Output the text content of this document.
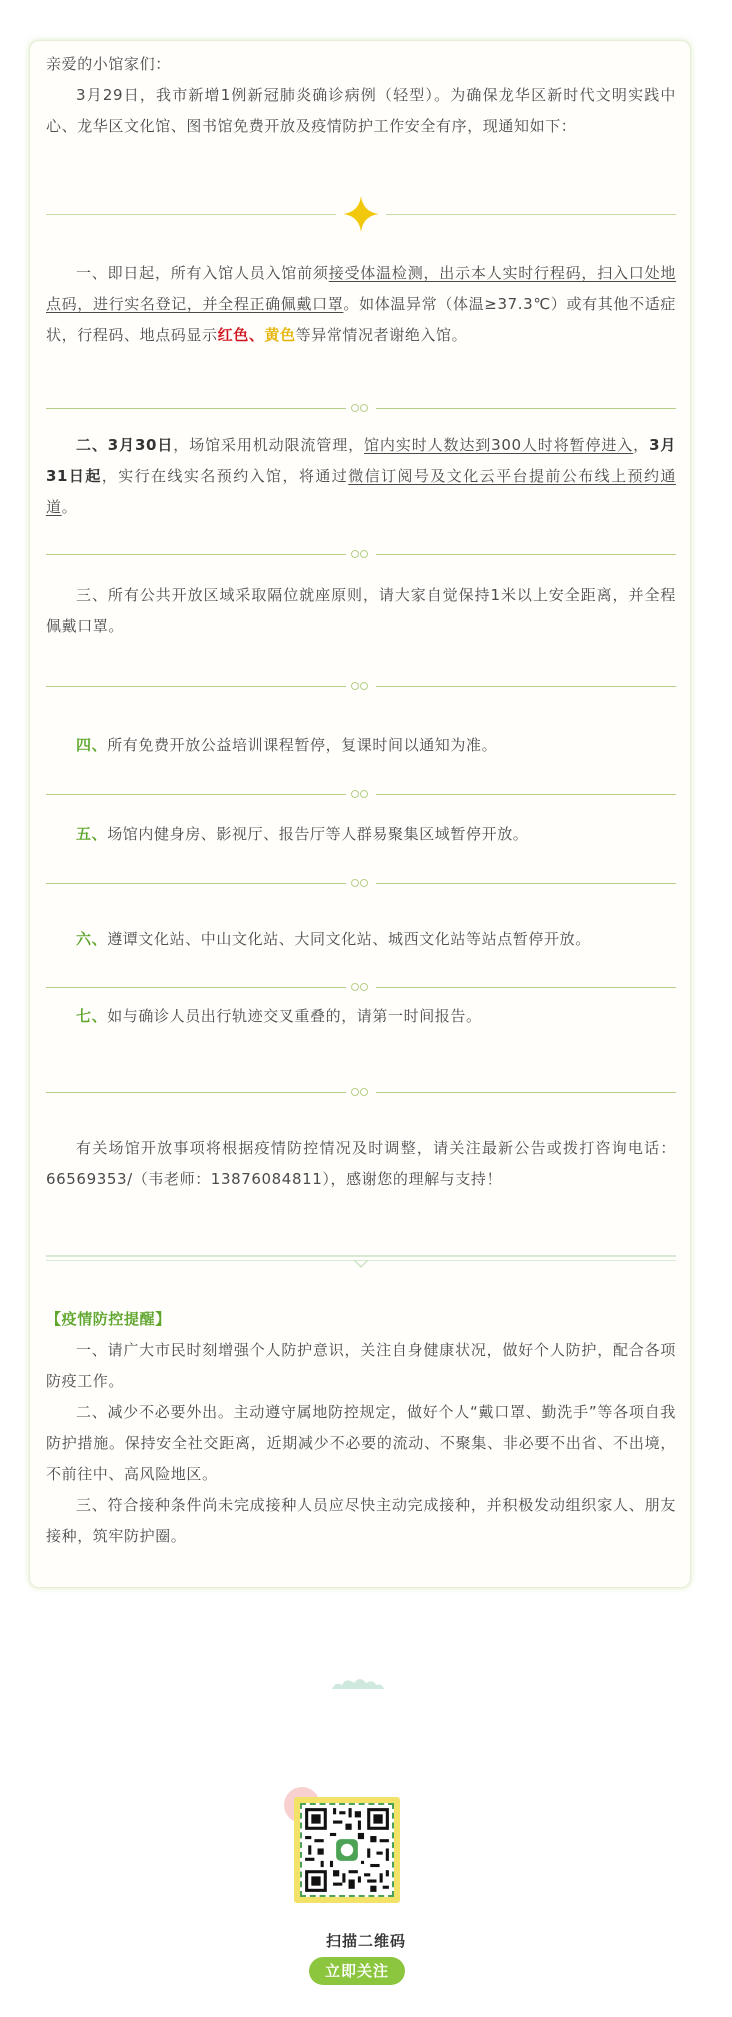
亲爱的小馆家们：

3月29日，我市新增1例新冠肺炎确诊病例（轻型）。为确保龙华区新时代文明实践中心、龙华区文化馆、图书馆免费开放及疫情防护工作安全有序，现通知如下：

一、即日起，所有入馆人员入馆前须接受体温检测，出示本人实时行程码，扫入口处地点码，进行实名登记，并全程正确佩戴口罩。如体温异常（体温≥37.3℃）或有其他不适症状，行程码、地点码显示红色、黄色等异常情况者谢绝入馆。

二、3月30日，场馆采用机动限流管理，馆内实时人数达到300人时将暂停进入，3月31日起，实行在线实名预约入馆，将通过微信订阅号及文化云平台提前公布线上预约通道。

三、所有公共开放区域采取隔位就座原则，请大家自觉保持1米以上安全距离，并全程佩戴口罩。

四、所有免费开放公益培训课程暂停，复课时间以通知为准。

五、场馆内健身房、影视厅、报告厅等人群易聚集区域暂停开放。

六、遵谭文化站、中山文化站、大同文化站、城西文化站等站点暂停开放。

七、如与确诊人员出行轨迹交叉重叠的，请第一时间报告。

有关场馆开放事项将根据疫情防控情况及时调整，请关注最新公告或拨打咨询电话：66569353/（韦老师：13876084811），感谢您的理解与支持！

【疫情防控提醒】

一、请广大市民时刻增强个人防护意识，关注自身健康状况，做好个人防护，配合各项防疫工作。

二、减少不必要外出。主动遵守属地防控规定，做好个人“戴口罩、勤洗手”等各项自我防护措施。保持安全社交距离，近期减少不必要的流动、不聚集、非必要不出省、不出境，不前往中、高风险地区。

三、符合接种条件尚未完成接种人员应尽快主动完成接种，并积极发动组织家人、朋友接种，筑牢防护圈。

扫描二维码
立即关注
